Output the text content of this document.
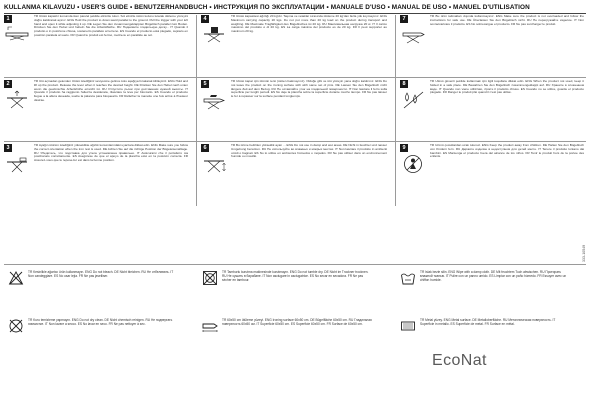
KULLANMA KILAVUZU • USER'S GUIDE • BENUTZERHANDBUCH • ИНСТРУКЦИЯ ПО ЭКСПЛУАТАЦИИ • MANUALE D'USO • MANUAL DE USO • MANUEL D'UTILISATION
1	TR Ütüsü kapatılır konumda iken parelel şekilde elinizde tutun. Sol elinizle üstün kolunu tutarak ütüleme yüzeyini doğru kaldırarak açınız. ENG Hold the product to down-ward parallel to the ground. Pull the trigger with your left hand and open it while adjusting it up. DE Legen Sie den zusammengeklappten Bügeltisch parallel zum Boden. Drücken Sie den Hebel und hebeln Sie die Arbeitsfläche. RU Поднимите гладильную доску... IT Quando il prodotto è in posizione chiusa, sostenerlo parallelo al terreno. ES Cuando el producto está plegado, sujételo en posición paralela al suelo. FR Quand le produit est fermé, mettre-le en parallèle au sol.
4	TR Ütüsü kapasitesi ağırlığı 20 kg'dır. Taşıma ve vetaklar sırasında ütüleme 20 kg'dan fazla yük koymayınız. ENG Maximum carrying capacity 20 kgs. Do not put more than 20 kg load on the product during transport and weighing. DE Maximale Tragfähigkeit des Bügeltisches ist 20 kg. RU Максимальная нагрузка 20 кг. IT Il carico massimo del prodotto è di 20 kg. ES La carga máxima del producto es de 20 kg. FR Il peut supporter au maximum 20 kg.
7	TR Bu ürün talimatları dışında kullanmayınız. ENG Make sure the product is not overloaded and follow the instructions for safe use. DE Überlasten Sie den Bügeltisch nicht. RU Не перегружайте изделие. IT Non sovraccaricare il prodotto. ES No sobrecargue el producto. FR Ne pas surcharger le produit.
2	TR Ütü açmadan gelenden Ütüsü istediğiniz seviyesine gelince kolu aşağıya bırakarak kilitleyiniz. ENG Hold and lift up the product. Release the lever when it reaches the desired height. DE Drücken Sie den Hebel nach unten wenn die gewünschte Arbeitshöhe erreicht ist. RU Отпустите рычаг при достижении нужной высоты. IT Quando il prodotto ha raggiunto l'altezza desiderata, rilasciare la leva per bloccarlo. ES Cuando el producto llegue a la altura deseada, suelte la palanca para bloquearlo. FR Relâcher la manette une fois arrivé à l'hauteur désirée.
5	TR Ütüsü kapar için ütünün tersi (üstten bakmayınız). Olduğu gibi ve ütü yüzeyin yana doğru kaldırınız. ENG Do not leave the product on the ironing surface with with same set of pins. DE Lassen Sie den Bügeltisch nicht längere Zeit auf dem Bezug. RU Не оставляйте утюг на гладильной поверхности. IT Non lasciare il ferro sulla superficie per lunghi periodi. ES No deje la plancha sobre la superficie durante mucho tiempo. FR Ne pas laisser le fer à repasser sur la surface pendant longtemps.
8	TR Ütüsü güvenli şekilde kullanmak için ilgili koşullara dikkat edin. ENG When the product not used, keep it folded in a safe place. DE Bewahren Sie den Bügeltisch zusammengeklappt auf. RU Храните в сложенном виде. IT Quando non viene utilizzato, riporre il prodotto chiuso. ES Cuando no se utilice, guarde el producto plegado. FR Ranger le produit plié quand il n'est pas utilisé.
3	TR Ayağın ütünün istediğiniz yükseklikte ağırlık konumlarındaki uyarılara dikkat edin. ENG Make sure you follow the correct orientation when the iron rest is used. DE Achten Sie auf die richtige Position der Bügeleisenablage. RU Убедитесь, что подставка для утюга установлена правильно. IT Assicurarsi che il portaferro sia posizionato correttamente. ES Asegúrese de que el apoyo de la plancha esté en la posición correcta. FR Assurez-vous que le repose-fer est dans la bonne position.
6	TR Bu ürüne belirtilen yükseklik ayarı ... ENG Do not use in damp and wet areas. DE Nicht in feuchter und nasser Umgebung benutzen. RU Не используйте во влажных и мокрых местах. IT Non lasciare il prodotto in ambienti umidi o bagnati. ES No lo utilice en ambientes húmedos o mojados. FR Ne pas utiliser dans un environnement humide ou mouillé.
9	TR Ürünü çocuklardan uzak tutunuz. ENG Keep the product away from children. DE Halten Sie den Bügeltisch von Kindern fern. RU Держите изделие в недоступном для детей месте. IT Tenere il prodotto lontano dai bambini. ES Mantenga el producto fuera del alcance de los niños. FR Tenir le produit hors de la portée des enfants.
TR Kesinlikle ağartıcı ürün kullanmayın. ENG Do not bleach. DE Nicht bleichen. RU Не отбеливать. IT Non candeggiare. ES No usar lejía. FR Ne pas javelliser.
TR Tamburlu kurutma makinesinde kurutmayın. ENG Do not tumble dry. DE Nicht im Trockner trocknen. RU Не сушить в барабане. IT Non asciugare in asciugatrice. ES No secar en secadora. FR Ne pas sécher en tambour.
TR Islak bezle silin. ENG Wipe with a damp cloth. DE Mit feuchtem Tuch abwischen. RU Протирать влажной тканью. IT Pulire con un panno umido. ES Limpiar con un paño húmedo. FR Essuyer avec un chiffon humide.
TR Kuru temizleme yapmayın. ENG Do not dry clean. DE Nicht chemisch reinigen. RU Не подвергать химчистке. IT Non lavare a secco. ES No lavar en seco. FR Ne pas nettoyer à sec.
TR 60x50 cm ütüleme yüzeyi. ENG Ironing surface 60x50 cm. DE Bügelfläche 60x50 cm. RU Гладильная поверхность 60x50 см. IT Superficie 60x50 cm. ES Superficie 60x50 cm. FR Surface de 60x50 cm.
TR Metal yüzey. ENG Metal surface. DE Metalloberfläche. RU Металлическая поверхность. IT Superficie in metallo. ES Superficie de metal. FR Surface en métal.
EcoNat
333-10549
